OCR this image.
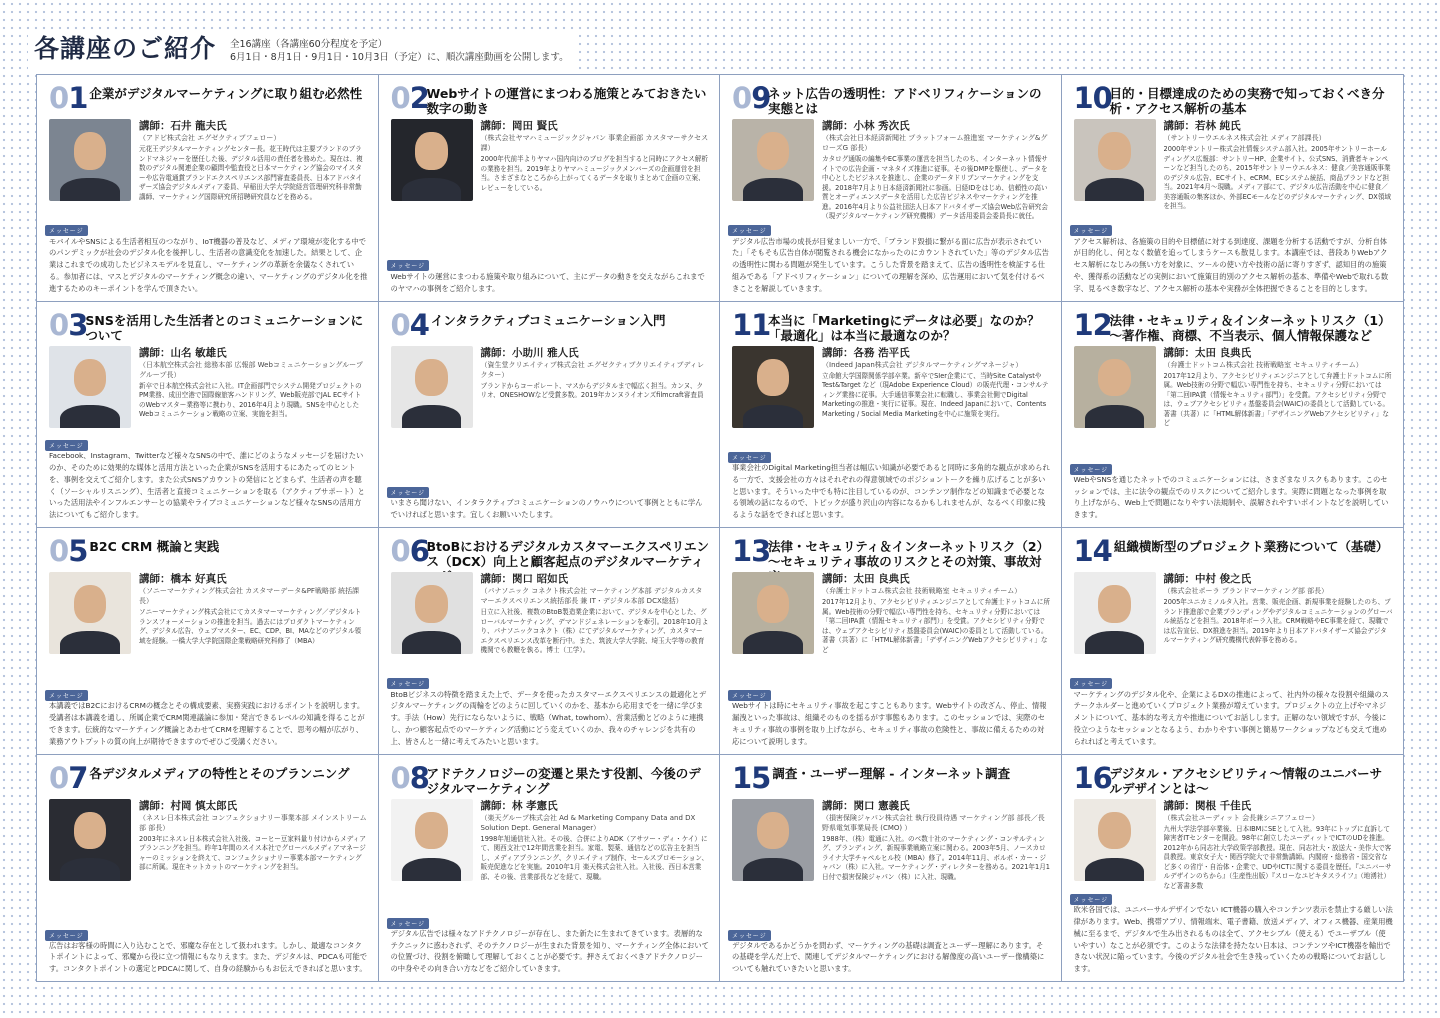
各講座のご紹介 全16講座（各講座60分程度を予定）
6月1日・8月1日・9月1日・10月3日（予定）に、順次講座動画を公開します。
01 企業がデジタルマーケティングに取り組む必然性
講師：石井 龍夫氏
（アドビ株式会社 エグゼクティブフェロー）
元花王デジタルマーケティングセンター長。花王時代は主要ブランドのブランドマネジャーを歴任した後、デジタル活用の責任者を務めた。現在は、複数のデジタル関連企業の顧問や監査役と日本マーケティング協会のマイスターや広告電通賞ブランドエクスペリエンス部門審査委員長、日本アドバタイザーズ協会デジタルメディア委員、早稲田大学大学院経営管理研究科非常勤講師、マーケティング国際研究所招聘研究員などを務める。
メッセージ
モバイルやSNSによる生活者相互のつながり、IoT機器の普及など、メディア環境が変化する中でのパンデミックが社会のデジタル化を後押しし、生活者の意識変化を加速した。結果として、企業はこれまでの成功したビジネスモデルを見直し、マーケティングの革新を余儀なくされている。参加者には、マスとデジタルのマーケティング概念の違い、マーケティングのデジタル化を推進するためのキーポイントを学んで頂きたい。
02
Webサイトの運営にまつわる施策とみておきたい数字の動き
講師：岡田 賢氏
（株式会社ヤマハミュージックジャパン 事業企画部 カスタマーサクセス課）
2000年代前半よりヤマハ国内向けのブログを担当すると同時にアクセス解析の業務を担当。2019年よりヤマハミュージックメンバーズの企画運営を担当。さまざまなところから上がってくるデータを取りまとめて企画の立案、レビューをしている。
メッセージ
Webサイトの運営にまつわる施策や取り組みについて、主にデータの動きを交えながらこれまでのヤマハの事例をご紹介します。
09
ネット広告の透明性：アドベリフィケーションの実態とは
講師：小林 秀次氏
（株式会社日本経済新聞社 プラットフォーム推進室 マーケティング&グローズG 部長）
カタログ通販の編集やEC事業の運営を担当したのち、インターネット情報サイトでの広告企画・マネタイズ推進に従事。その後DMPを駆使し、データを中心としたビジネスを推進し、企業のデータドリブンマーケティングを支援。2018年7月より日本経済新聞社に参画。日経IDをはじめ、信頼性の高い質とオーディエンスデータを活用した広告ビジネスやマーケティングを推進。2016年4月より公益社団法人日本アドバタイザーズ協会Web広告研究会（現デジタルマーケティング研究機構）データ活用委員会委員長に就任。
メッセージ
デジタル広告市場の成長が目覚ましい一方で、「ブランド毀損に繋がる面に広告が表示されていた」「そもそも広告自体が閲覧される機会になかったのにカウントされていた」等のデジタル広告の透明性に関わる問題が発生しています。こうした背景を踏まえて、広告の透明性を検証する仕組みである「アドベリフィケーション」についての理解を深め、広告運用において気を付けるべきことを解説していきます。
10
目的・目標達成のための実務で知っておくべき分析・アクセス解析の基本
講師：若林 純氏
（サントリーウエルネス株式会社 メディア部課長）
2000年サントリー株式会社情報システム部入社。2005年サントリーホールディングス広報部：サントリーHP、企業サイト、公式SNS、消費者キャンペーンなど担当したのち、2015年サントリーウエルネス：健食／美容通販事業のデジタル広告、ECサイト、eCRM、ECシステム統括、商品ブランドなど担当。2021年4月～現職。メディア部にて、デジタル広告活動を中心に健食／美容通販の集客ほか、外部ECモールなどのデジタルマーケティング、DX領域を担当。
メッセージ
アクセス解析は、各施策の目的や目標値に対する到達度、課題を分析する活動ですが、分析自体が目的化し、何となく数値を追ってしまうケースも散見します。本講座では、普段ありWebアクセス解析になじみの無い方を対象に、ツールの使い方や技術の話に寄りすぎず、認知目的の施策や、獲得系の活動などの実例において施策目的別のアクセス解析の基本、準備やWebで取れる数字、見るべき数字など、アクセス解析の基本や実務が全体把握できることを目的とします。
03
SNSを活用した生活者とのコミュニケーションについて
講師：山名 敏雄氏
（日本航空株式会社 総務本部 広報部 Webコミュニケーショングループ グループ長）
新卒で日本航空株式会社に入社。IT企画部門でシステム開発プロジェクトのPM業務、成田空港で国際線旅客ハンドリング、Web販売部でJAL ECサイトのWebマスター業務等に携わり、2016年4月より現職。SNSを中心としたWebコミュニケーション戦略の立案、実施を担当。
メッセージ
Facebook、Instagram、Twitterなど様々なSNSの中で、誰にどのようなメッセージを届けたいのか、そのために効果的な媒体と活用方法といった企業がSNSを活用するにあたってのヒントを、事例を交えてご紹介します。また公式SNSアカウントの発信にとどまらず、生活者の声を聴く（ソーシャルリスニング）、生活者と直接コミュニケーションを取る（アクティブサポート）といった活用法やインフルエンサーとの協業やライブコミュニケーションなど様々なSNSの活用方法についてもご紹介します。
04 インタラクティブコミュニケーション入門
講師：小助川 雅人氏
（資生堂クリエイティブ株式会社 エグゼクティブクリエイティブディレクター）
ブランドからコーポレート、マスからデジタルまで幅広く担当。カンヌ、クリオ、ONESHOWなど受賞多数。2019年カンヌライオンズfilmcraft審査員
メッセージ
いまさら聞けない、インタラクティブコミュニケーションのノウハウについて事例とともに学んでいければと思います。宜しくお願いいたします。
11
本当に「Marketingにデータは必要」なのか？「最適化」は本当に最適なのか？
講師：各務 浩平氏
（Indeed Japan株式会社 デジタルマーケティングマネージャ）
立命館大学国際関係学部卒業。新卒でSIer企業にて、当時Site CatalystやTest&Target など（現Adobe Experience Cloud）の販売代理・コンサルティング業務に従事。大手通信事業会社に転職し、事業会社側でDigital Marketingの推進・実行に従事。現在、Indeed Japanにおいて、Contents Marketing / Social Media Marketingを中心に施策を実行。
メッセージ
事業会社のDigital Marketing担当者は幅広い知識が必要であると同時に多角的な観点が求められる一方で、支援会社の方々はそれぞれの得意領域でのポジショントークを繰り広げることが多いと思います。そういった中でも特に注目しているのが、コンテンツ制作などの知識まで必要となる領域の話になるので、トピックが盛り沢山の内容になるかもしれませんが、なるべく印象に残るような話をできればと思います。
12
法律・セキュリティ＆インターネットリスク（1）～著作権、商標、不当表示、個人情報保護など
講師：太田 良典氏
（弁護士ドットコム株式会社 技術戦略室 セキュリティチーム）
2017年12月より、アクセシビリティエンジニアとして弁護士ドットコムに所属。Web技術の分野で幅広い専門性を持ち、セキュリティ分野においては「第二回IPA賞（情報セキュリティ部門）」を受賞。アクセシビリティ分野では、ウェブアクセシビリティ基盤委員会(WAIC)の委員として活動している。著書（共著）に「HTML解体新書」「デザイニングWebアクセシビリティ」など
メッセージ
WebやSNSを通じたネットでのコミュニケーションには、さまざまなリスクもあります。このセッションでは、主に法令の観点でのリスクについてご紹介します。実際に問題となった事例を取り上げながら、Web上で問題になりやすい法規制や、誤解されやすいポイントなどを説明していきます。
05 B2C CRM 概論と実践
講師：橋本 好真氏
（ソニーマーケティング株式会社 カスタマーデータ&PF戦略部 統括課長）
ソニーマーケティング株式会社にてカスタマーマーケティング／デジタルトランスフォーメーションの推進を担当。過去にはプロダクトマーケティング、デジタル広告、ウェブマスター、EC、CDP、BI、MAなどのデジタル領域を経験。一橋大学大学院国際企業戦略研究科修了（MBA）
メッセージ
本講義ではB2CにおけるCRMの概念とその構成要素、実務実践におけるポイントを説明します。受講者は本講義を通し、所属企業でCRM関連議論に参加・発言できるレベルの知識を得ることができます。伝統的なマーケティング概論とあわせてCRMを理解することで、思考の幅が広がり、業務アウトプットの質の向上が期待できますのでぜひご受講ください。
06
BtoBにおけるデジタルカスタマーエクスペリエンス（DCX）向上と顧客起点のデジタルマーケティ
講師：関口 昭如氏
（パナソニック コネクト株式会社 マーケティング本部 デジタルカスタマーエクスペリエンス統括部長 兼 IT・デジタル本部 DCX総括）
日立に入社後、複数のBtoB製造業企業において、デジタルを中心とした、グローバルマーケティング、デマンドジェネレーションを牽引。2018年10月より、パナソニックコネクト（株）にてデジタルマーケティング、カスタマーエクスペリエンス改革を断行中。また、筑波大学大学院、埼玉大学等の教育機関でも教鞭を執る。博士（工学）。
メッセージ
BtoBビジネスの特徴を踏まえた上で、データを使ったカスタマーエクスペリエンスの最適化とデジタルマーケティングの両輪をどのように回していくのかを、基本から応用までを一緒に学びます。手法（How）先行にならないように、戦略（What, towhom）、営業活動とどのように連携し、かつ顧客起点でのマーケティング活動にどう変えていくのか、我々のチャレンジを共有の上、皆さんと一緒に考えてみたいと思います。
13
法律・セキュリティ＆インターネットリスク（2）～セキュリティ事故のリスクとその対策、事故対
講師：太田 良典氏
（弁護士ドットコム株式会社 技術戦略室 セキュリティチーム）
2017年12月より、アクセシビリティエンジニアとして弁護士ドットコムに所属。Web技術の分野で幅広い専門性を持ち、セキュリティ分野においては「第二回IPA賞（情報セキュリティ部門）」を受賞。アクセシビリティ分野では、ウェブアクセシビリティ基盤委員会(WAIC)の委員として活動している。著書（共著）に「HTML解体新書」「デザイニングWebアクセシビリティ」など
メッセージ
Webサイトは時にセキュリティ事故を起こすこともあります。Webサイトの改ざん、停止、情報漏洩といった事故は、組織そのものを揺るがす事態もあります。このセッションでは、実際のセキュリティ事故の事例を取り上げながら、セキュリティ事故の危険性と、事故に備えるための対応について説明します。
14 組織横断型のプロジェクト業務について（基礎）
講師：中村 俊之氏
（株式会社ポーラ ブランドマーケティング部 部長）
2005年ユニカミノルタ入社。営業、販売企画、新規事業を経験したのち、ブランド推進部で企業ブランディングやデジタルコミュニケーションのグローバル統括などを担当。2018年ポーラ入社。CRM戦略やEC事業を経て、現職では広告宣伝、DX推進を担当。2019年より日本アドバタイザーズ協会デジタルマーケティング研究機構代表幹事を務める。
メッセージ
マーケティングのデジタル化や、企業によるDXの推進によって、社内外の様々な役割や組織のステークホルダーと進めていくプロジェクト業務が増えています。プロジェクトの立上げやマネジメントについて、基本的な考え方や推進についてお話しします。正解のない領域ですが、今後に役立つようなセッションとなるよう、わかりやすい事例と簡易ワークショップなども交えて進められればと考えています。
07 各デジタルメディアの特性とそのプランニング
講師：村岡 慎太郎氏
（ネスレ日本株式会社 コンフェクショナリー事業本部 メインストリーム部 部長）
2003年にネスレ日本株式会社入社後、コーヒー豆家料量り付けからメディアプランニングを担当。昨年1年間のスイス本社でグローバルメディアマネージャーのミッションを終えて、コンフェクショナリー事業本部マーケティング部に所属。現在キットカットのマーケティングを担当。
メッセージ
広告はお客様の時間に入り込むことで、邪魔な存在として扱われます。しかし、最適なコンタクトポイントによって、邪魔から役に立つ情報にもなりえます。また、デジタルは、PDCAも可能です。コンタクトポイントの選定とPDCAに関して、自身の経験からもお伝えできればと思います。
08
アドテクノロジーの変遷と果たす役割、今後のデジタルマーケティング
講師：林 孝憲氏
（楽天グループ株式会社 Ad & Marketing Company Data and DX Solution Dept. General Manager）
1998年旭通信社入社。その後、合併によりADK（アサツー・ディ・ケイ）にて、関西支社で12年間営業を担当。家電、製薬、通信などの広告主を担当し、メディアプランニング、クリエイティブ制作、セールスプロモーション、販売促進などを実施。2010年1月 楽天株式会社入社。入社後、西日本営業部、その後、営業部長などを経て、現職。
メッセージ
デジタル広告では様々なアドテクノロジーが存在し、また新たに生まれてきています。表層的なテクニックに惑わされず、そのテクノロジーが生まれた背景を知り、マーケティング全体においての位置づけ、役割を俯瞰して理解しておくことが必要です。押さえておくべきアドテクノロジーの中身やその向き合い方などをご紹介していきます。
15 調査・ユーザー理解 - インターネット調査
講師：関口 憲義氏
（損害保険ジャパン株式会社 執行役員待遇 マーケティング部 部長／長野県電気事業局長 (CMO) ）
1988年、（株）電通に入社。のべ数十社のマーケティング・コンサルティング、ブランディング、新規事業戦略立案に関わる。2003年5月、ノースカロライナ大学チャペルヒル校（MBA）修了。2014年11月、ボルボ・カー・ジャパン（株）に入社。マーケティング・ディレクターを務める。2021年1月1日付で損害保険ジャパン（株）に入社、現職。
メッセージ
デジタルであるかどうかを問わず、マーケティングの基礎は調査とユーザー理解にあります。その基礎を学んだ上で、関連してデジタルマーケティングにおける解像度の高いユーザー像構築についても触れていきたいと思います。
16
デジタル・アクセシビリティ～情報のユニバーサルデザインとは～
講師：関根 千佳氏
（株式会社ユーディット 会長兼シニアフェロー）
九州大学法学部卒業後、日本IBMにSEとして入社。93年にトップに直訴して障害者ITセンターを開設。98年に創立したユーディットでICTのUDを推進。2012年から同志社大学政策学部教授。現在、同志社大・放送大・美作大で客員教授。東京女子大・関西学院大で非常勤講師。内閣府・総務省・国交省など多くの省庁・自治体・企業で、UDやICTに関する委員を歴任。『ユニバーサルデザインのちから』（生産性出版）『スローなユビキタスライフ』（地湧社）など著書多数
メッセージ
欧米各国では、ユニバーサルデザインでない ICT機器の購入やコンテンツ表示を禁止する厳しい法律があります。Web、携帯アプリ、情報端末、電子書籍、放送メディア、オフィス機器、産業用機械に至るまで、デジタルで生み出されるものは全て、アクセシブル（使える）でユーザブル（使いやすい）なことが必須です。このような法律を持たない日本は、コンテンツやICT機器を輸出できない状況に陥っています。今後のデジタル社会で生き残っていくための戦略についてお話しします。
